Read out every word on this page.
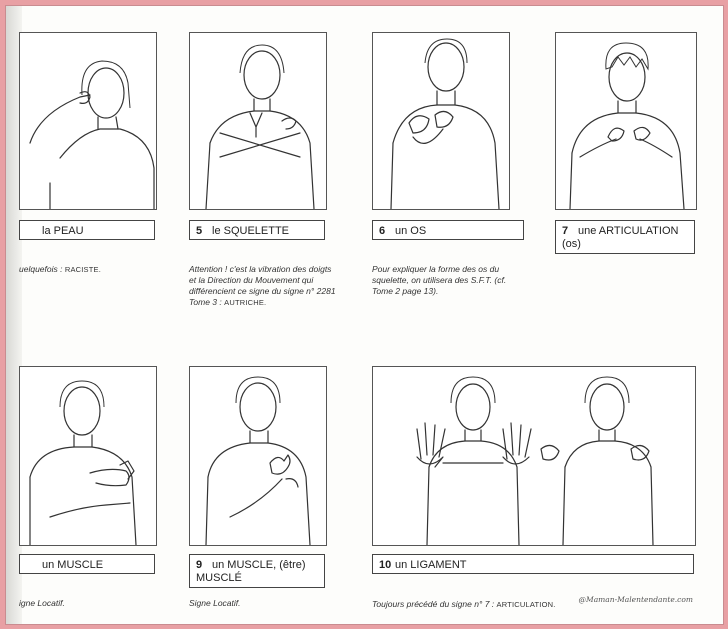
la PEAU
uelquefois : RACISTE.
5 le SQUELETTE
Attention ! c'est la vibration des doigts et la Direction du Mouvement qui différencient ce signe du signe n° 2281 Tome 3 : AUTRICHE.
6 un OS
Pour expliquer la forme des os du squelette, on utilisera des S.F.T. (cf. Tome 2 page 13).
7 une ARTICULATION (os)
un MUSCLE
igne Locatif.
9 un MUSCLE, (être) MUSCLÉ
Signe Locatif.
10 un LIGAMENT
Toujours précédé du signe n° 7 : ARTICULATION.
@Maman-Malentendante.com
